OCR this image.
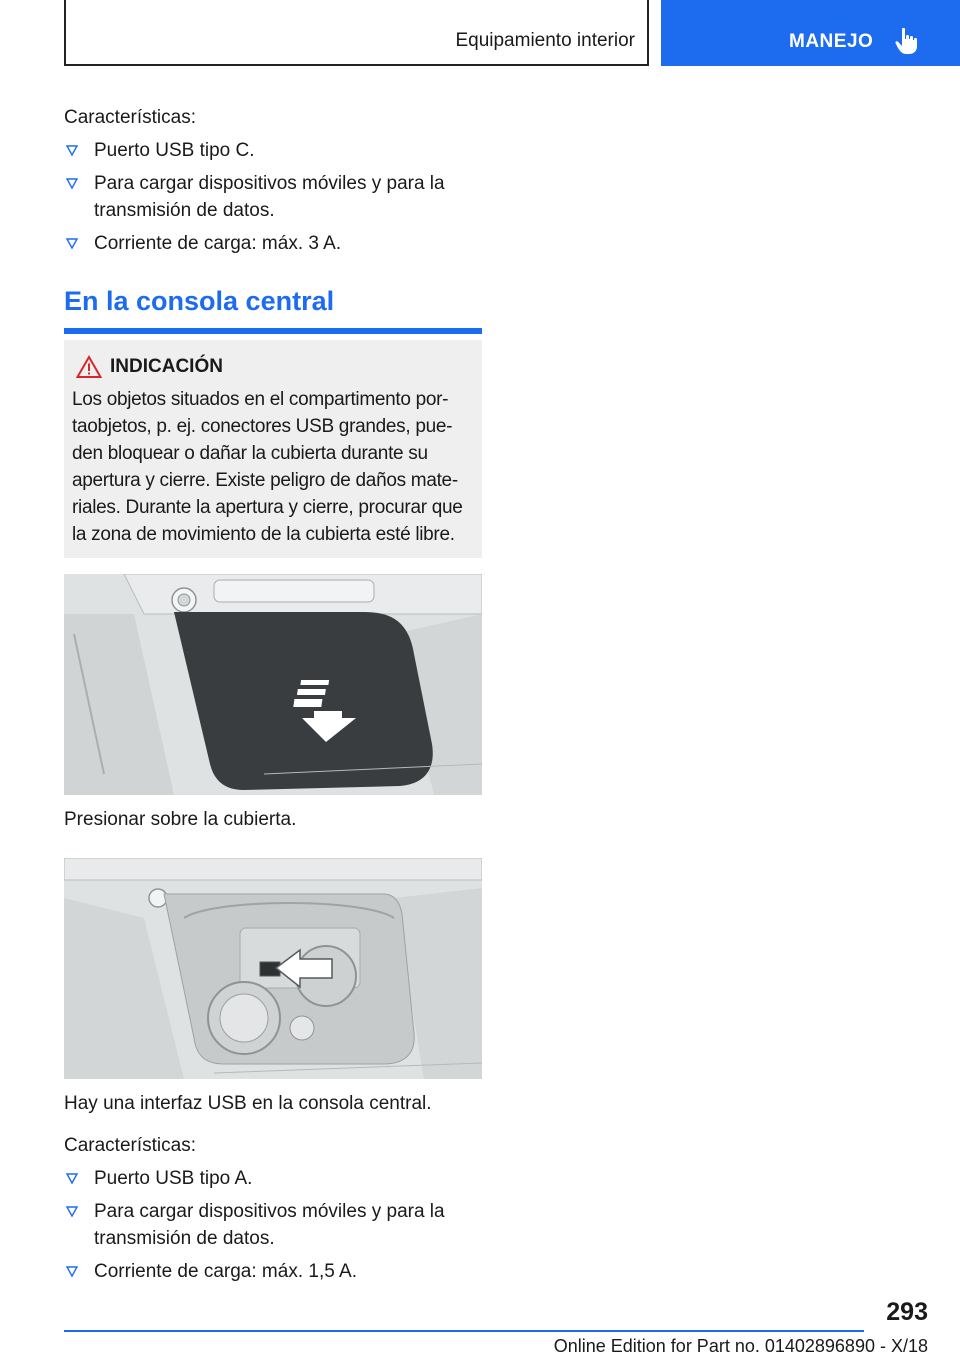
Equipamiento interior	MANEJO
Características:
Puerto USB tipo C.
Para cargar dispositivos móviles y para la transmisión de datos.
Corriente de carga: máx. 3 A.
En la consola central
INDICACIÓN
Los objetos situados en el compartimento por-
taobjetos, p. ej. conectores USB grandes, pue-
den bloquear o dañar la cubierta durante su
apertura y cierre. Existe peligro de daños mate-
riales. Durante la apertura y cierre, procurar que
la zona de movimiento de la cubierta esté libre.
Presionar sobre la cubierta.
Hay una interfaz USB en la consola central.
Características:
Puerto USB tipo A.
Para cargar dispositivos móviles y para la transmisión de datos.
Corriente de carga: máx. 1,5 A.
293
Online Edition for Part no. 01402896890 - X/18
